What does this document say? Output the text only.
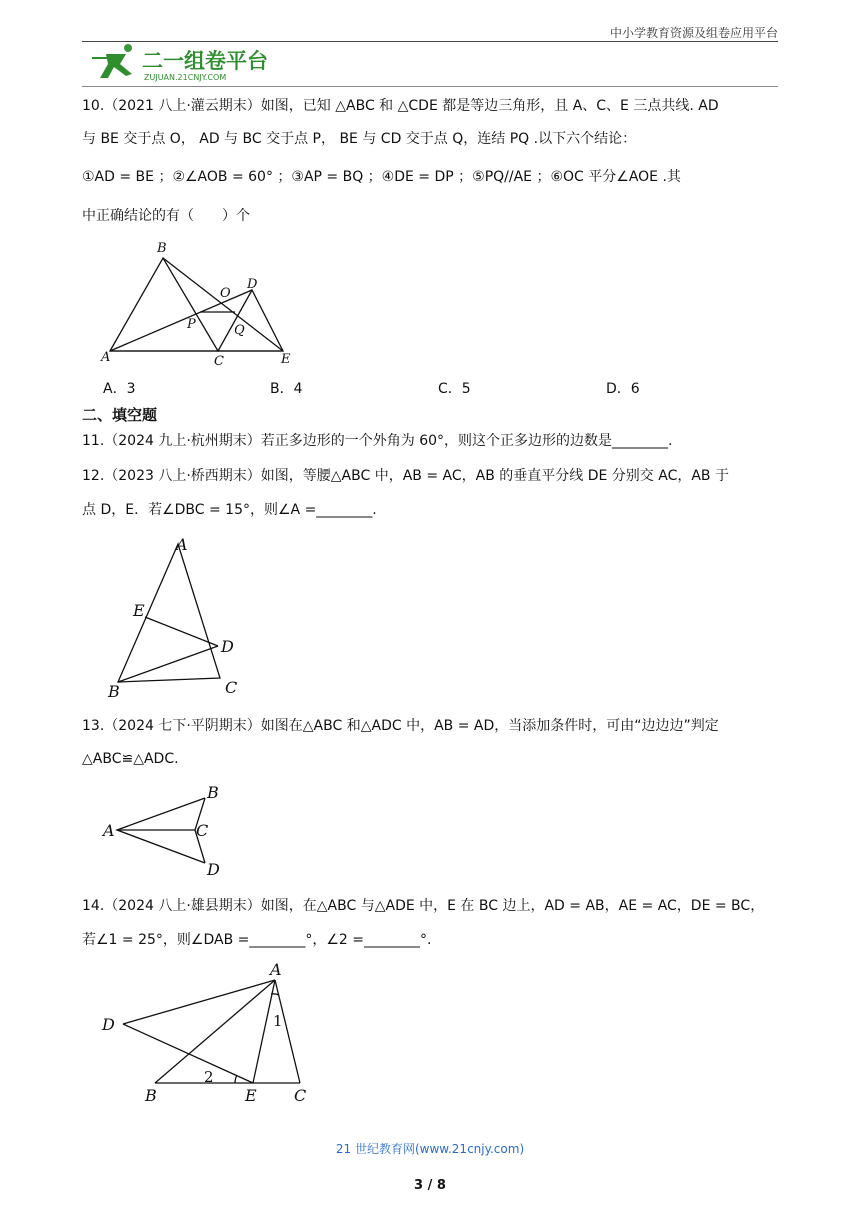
中小学教育资源及组卷应用平台
二一组卷平台
ZUJUAN.21CNJY.COM
10.（2021 八上·灌云期末）如图，已知 △ABC 和 △CDE 都是等边三角形，且 A、C、E 三点共线. AD
与 BE 交于点 O， AD 与 BC 交于点 P， BE 与 CD 交于点 Q，连结 PQ .以下六个结论：
①AD = BE ；②∠AOB = 60° ；③AP = BQ ；④DE = DP ；⑤PQ//AE ；⑥OC 平分∠AOE .其
中正确结论的有（　　）个
B
A	C	E
D
O
P	Q
A．3	B．4	C．5	D．6
二、填空题
11.（2024 九上·杭州期末）若正多边形的一个外角为 60°，则这个正多边形的边数是________.
12.（2023 八上·桥西期末）如图，等腰△ABC 中，AB = AC，AB 的垂直平分线 DE 分别交 AC，AB 于
点 D，E．若∠DBC = 15°，则∠A =________.
A
E
D
B	C
13.（2024 七下·平阴期末）如图在△ABC 和△ADC 中，AB = AD，当添加条件时，可由“边边边”判定
△ABC≌△ADC.
A
B
C
D
14.（2024 八上·雄县期末）如图，在△ABC 与△ADE 中，E 在 BC 边上，AD = AB，AE = AC，DE = BC，
若∠1 = 25°，则∠DAB =________°，∠2 =________°.
A
D
B	E C
1
2
21 世纪教育网(www.21cnjy.com)
3 / 8
